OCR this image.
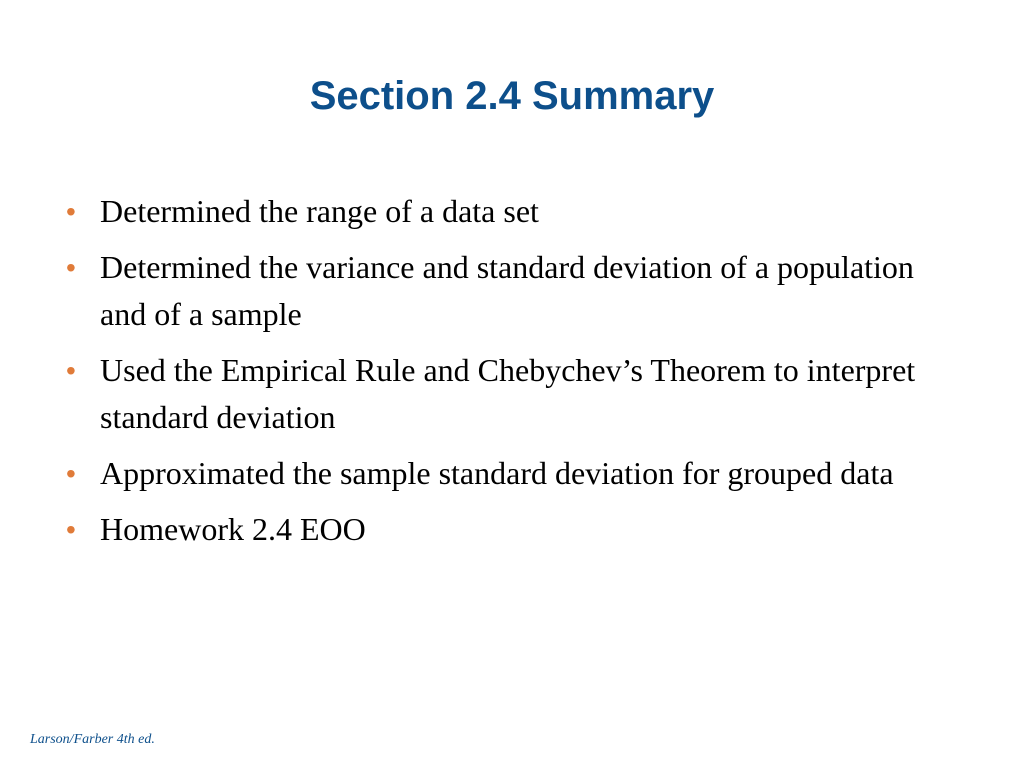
Section 2.4 Summary
• Determined the range of a data set
• Determined the variance and standard deviation of a population and of a sample
• Used the Empirical Rule and Chebychev’s Theorem to interpret standard deviation
• Approximated the sample standard deviation for grouped data
• Homework 2.4 EOO
Larson/Farber 4th ed.
